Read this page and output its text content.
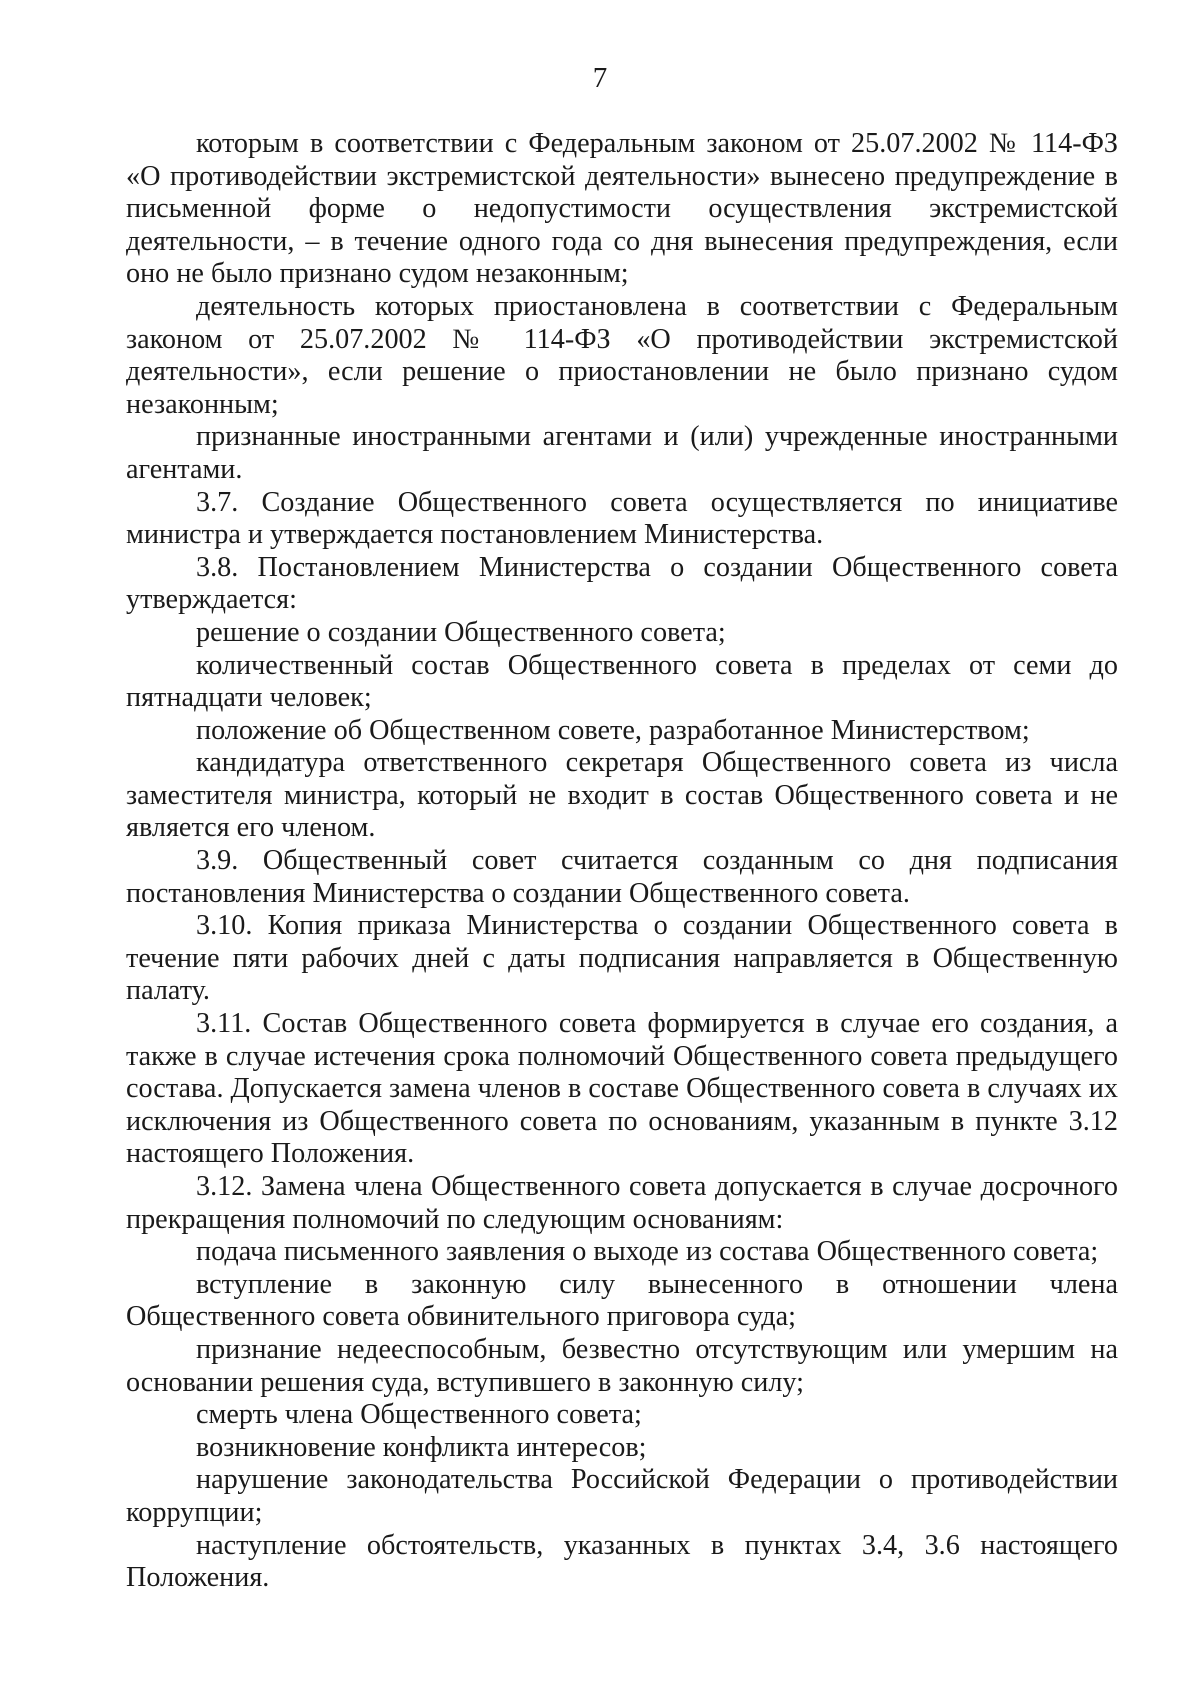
7

которым в соответствии с Федеральным законом от 25.07.2002 № 114-ФЗ «О противодействии экстремистской деятельности» вынесено предупреждение в письменной форме о недопустимости осуществления экстремистской деятельности, – в течение одного года со дня вынесения предупреждения, если оно не было признано судом незаконным;

деятельность которых приостановлена в соответствии с Федеральным законом от 25.07.2002 № 114-ФЗ «О противодействии экстремистской деятельности», если решение о приостановлении не было признано судом незаконным;

признанные иностранными агентами и (или) учрежденные иностранными агентами.

3.7. Создание Общественного совета осуществляется по инициативе министра и утверждается постановлением Министерства.

3.8. Постановлением Министерства о создании Общественного совета утверждается:

решение о создании Общественного совета;

количественный состав Общественного совета в пределах от семи до пятнадцати человек;

положение об Общественном совете, разработанное Министерством;

кандидатура ответственного секретаря Общественного совета из числа заместителя министра, который не входит в состав Общественного совета и не является его членом.

3.9. Общественный совет считается созданным со дня подписания постановления Министерства о создании Общественного совета.

3.10. Копия приказа Министерства о создании Общественного совета в течение пяти рабочих дней с даты подписания направляется в Общественную палату.

3.11. Состав Общественного совета формируется в случае его создания, а также в случае истечения срока полномочий Общественного совета предыдущего состава. Допускается замена членов в составе Общественного совета в случаях их исключения из Общественного совета по основаниям, указанным в пункте 3.12 настоящего Положения.

3.12. Замена члена Общественного совета допускается в случае досрочного прекращения полномочий по следующим основаниям:

подача письменного заявления о выходе из состава Общественного совета;

вступление в законную силу вынесенного в отношении члена Общественного совета обвинительного приговора суда;

признание недееспособным, безвестно отсутствующим или умершим на основании решения суда, вступившего в законную силу;

смерть члена Общественного совета;

возникновение конфликта интересов;

нарушение законодательства Российской Федерации о противодействии коррупции;

наступление обстоятельств, указанных в пунктах 3.4, 3.6 настоящего Положения.
